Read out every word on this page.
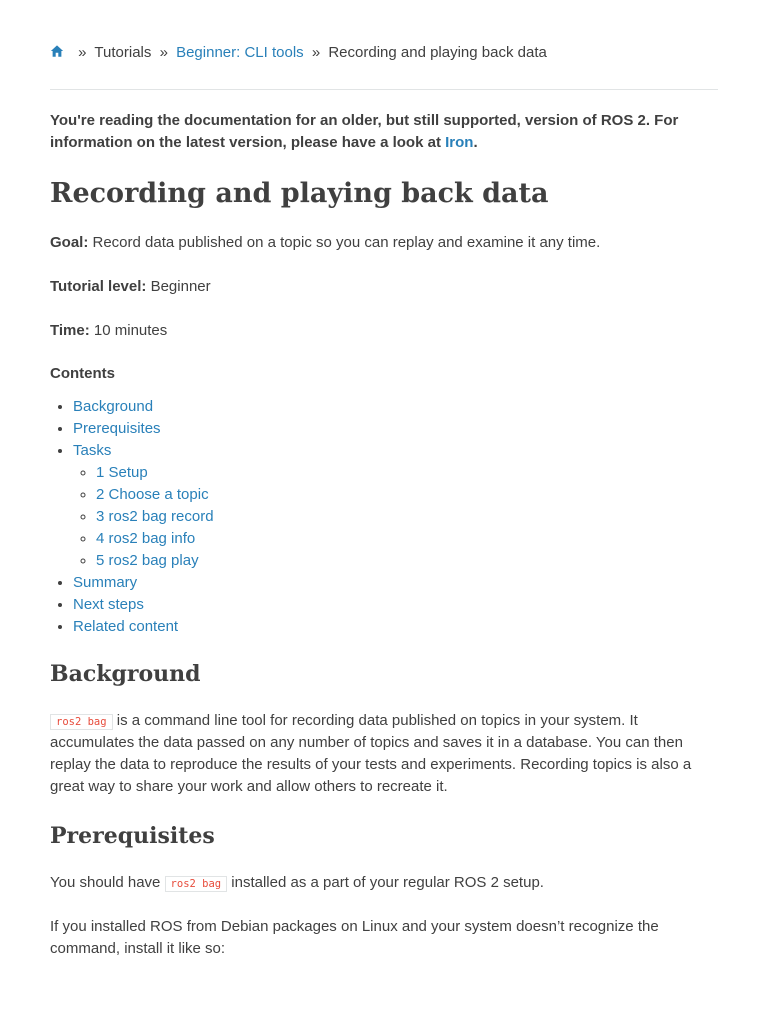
» Tutorials » Beginner: CLI tools » Recording and playing back data
You're reading the documentation for an older, but still supported, version of ROS 2. For information on the latest version, please have a look at Iron.
Recording and playing back data
Goal: Record data published on a topic so you can replay and examine it any time.
Tutorial level: Beginner
Time: 10 minutes
Contents
• Background
• Prerequisites
• Tasks
◦ 1 Setup
◦ 2 Choose a topic
◦ 3 ros2 bag record
◦ 4 ros2 bag info
◦ 5 ros2 bag play
• Summary
• Next steps
• Related content
Background
ros2 bag is a command line tool for recording data published on topics in your system. It accumulates the data passed on any number of topics and saves it in a database. You can then replay the data to reproduce the results of your tests and experiments. Recording topics is also a great way to share your work and allow others to recreate it.
Prerequisites
You should have ros2 bag installed as a part of your regular ROS 2 setup.
If you installed ROS from Debian packages on Linux and your system doesn’t recognize the command, install it like so:
